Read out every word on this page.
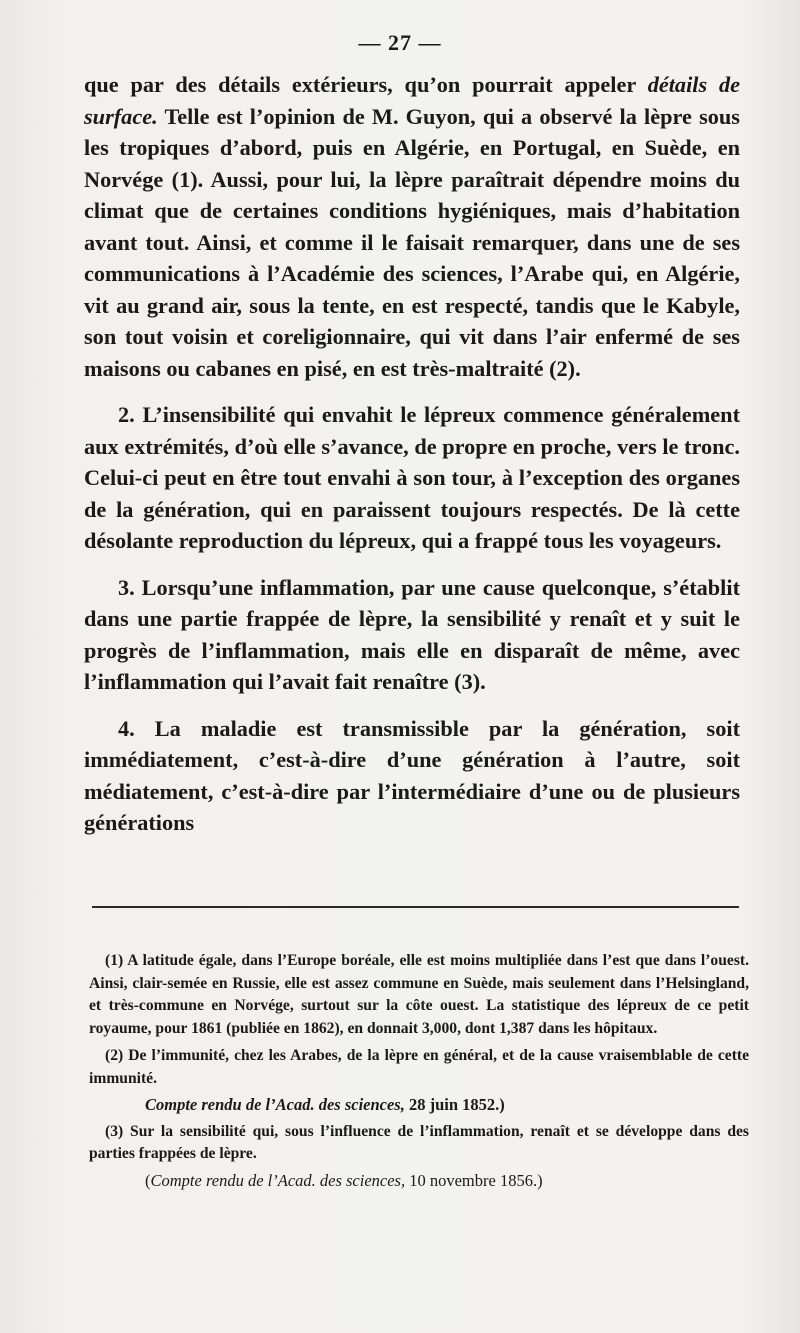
— 27 —

que par des détails extérieurs, qu’on pourrait appeler détails de surface. Telle est l’opinion de M. Guyon, qui a observé la lèpre sous les tropiques d’abord, puis en Algérie, en Portugal, en Suède, en Norvége (1). Aussi, pour lui, la lèpre paraîtrait dépendre moins du climat que de certaines conditions hygiéniques, mais d’habitation avant tout. Ainsi, et comme il le faisait remarquer, dans une de ses communications à l’Académie des sciences, l’Arabe qui, en Algérie, vit au grand air, sous la tente, en est respecté, tandis que le Kabyle, son tout voisin et coreligionnaire, qui vit dans l’air enfermé de ses maisons ou cabanes en pisé, en est très-maltraité (2).

2. L’insensibilité qui envahit le lépreux commence généralement aux extrémités, d’où elle s’avance, de propre en proche, vers le tronc. Celui-ci peut en être tout envahi à son tour, à l’exception des organes de la génération, qui en paraissent toujours respectés. De là cette désolante reproduction du lépreux, qui a frappé tous les voyageurs.

3. Lorsqu’une inflammation, par une cause quelconque, s’établit dans une partie frappée de lèpre, la sensibilité y renaît et y suit le progrès de l’inflammation, mais elle en disparaît de même, avec l’inflammation qui l’avait fait renaître (3).

4. La maladie est transmissible par la génération, soit immédiatement, c’est-à-dire d’une génération à l’autre, soit médiatement, c’est-à-dire par l’intermédiaire d’une ou de plusieurs générations

(1) A latitude égale, dans l’Europe boréale, elle est moins multipliée dans l’est que dans l’ouest. Ainsi, clair-semée en Russie, elle est assez commune en Suède, mais seulement dans l’Helsingland, et très-commune en Norvége, surtout sur la côte ouest. La statistique des lépreux de ce petit royaume, pour 1861 (publiée en 1862), en donnait 3,000, dont 1,387 dans les hôpitaux.

(2) De l’immunité, chez les Arabes, de la lèpre en général, et de la cause vraisemblable de cette immunité.

Compte rendu de l’Acad. des sciences, 28 juin 1852.)

(3) Sur la sensibilité qui, sous l’influence de l’inflammation, renaît et se développe dans des parties frappées de lèpre.

(Compte rendu de l’Acad. des sciences, 10 novembre 1856.)
